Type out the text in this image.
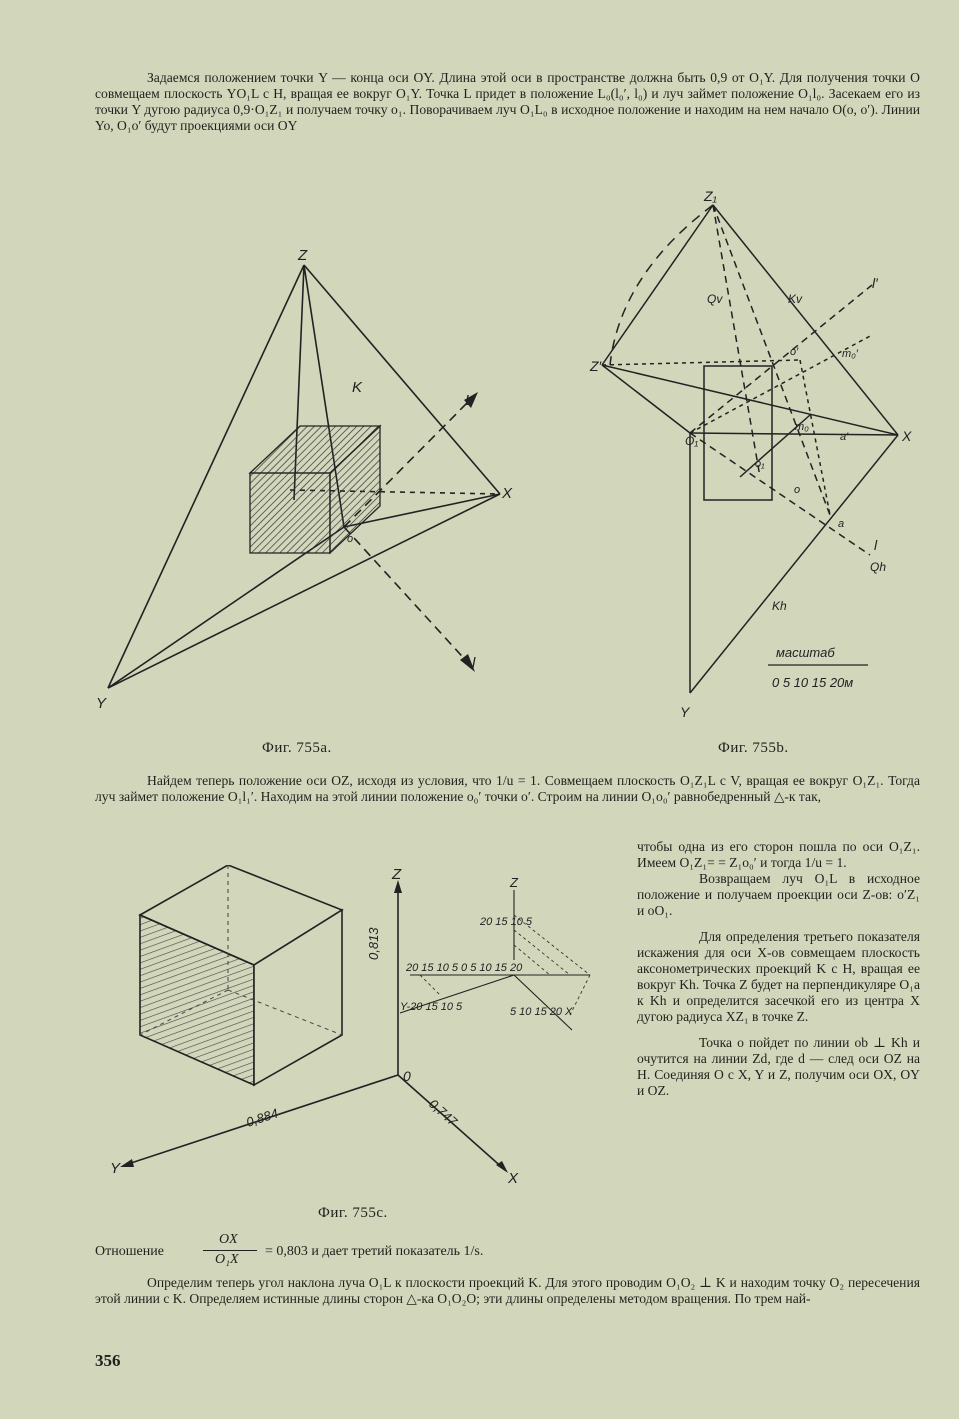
Задаемся положением точки Y — конца оси OY. Длина этой оси в пространстве должна быть 0,9 от O₁Y. Для получения точки O совмещаем плоскость YO₁L с H, вращая ее вокруг O₁Y. Точка L придет в положение L₀(l₀′, l₀) и луч займет положение O₁l₀. Засекаем его из точки Y дугою радиуса 0,9·O₁Z₁ и получаем точку o₁. Поворачиваем луч O₁L₀ в исходное положение и находим на нем начало O(o, o′). Линии Yo, O₁o′ будут проекциями оси OY

Z
K
L
X
o
l
Y
Z₁
Qv	Kv
l′
Z′
o′	m₀′
m₀
a′
O₁
o₁
X
o
a
l
Qh
Kh
Y
масштаб
0 5 10 15 20м
Фиг. 755a.	Фиг. 755b.

Найдем теперь положение оси OZ, исходя из условия, что 1/u = 1. Совмещаем плоскость O₁Z₁L с V, вращая ее вокруг O₁Z₁. Тогда луч займет положение O₁l₁′. Находим на этой линии положение o₀′ точки o′. Строим на линии O₁o₀′ равнобедренный △-к так,

чтобы одна из его сторон пошла по оси O₁Z₁. Имеем O₁Z₁= = Z₁o₀′ и тогда 1/u = 1.

Возвращаем луч O₁L в исходное положение и получаем проекции оси Z-ов: o′Z₁ и oO₁.

Для определения третьего показателя искажения для оси X-ов совмещаем плоскость аксонометрических проекций K с H, вращая ее вокруг Kh. Точка Z будет на перпендикуляре O₁a к Kh и определится засечкой его из центра X дугою радиуса XZ₁ в точке Z.

Точка o пойдет по линии ob ⊥ Kh и очутится на линии Zd, где d — след оси OZ на H. Соединяя O с X, Y и Z, получим оси OX, OY и OZ.

Z
0
Y
X
0,813
0,884	0,747
Z
20 15 10 5
20 15 10 5 0 5 10 15 20
Y-20 15 10 5	5 10 15 20 X
Фиг. 755c.
Отношение
OX
O₁X
= 0,803 и дает третий показатель 1/s.

Определим теперь угол наклона луча O₁L к плоскости проекций K. Для этого проводим O₁O₂ ⊥ K и находим точку O₂ пересечения этой линии с K. Определяем истинные длины сторон △-ка O₁O₂O; эти длины определены методом вращения. По трем най-

356
